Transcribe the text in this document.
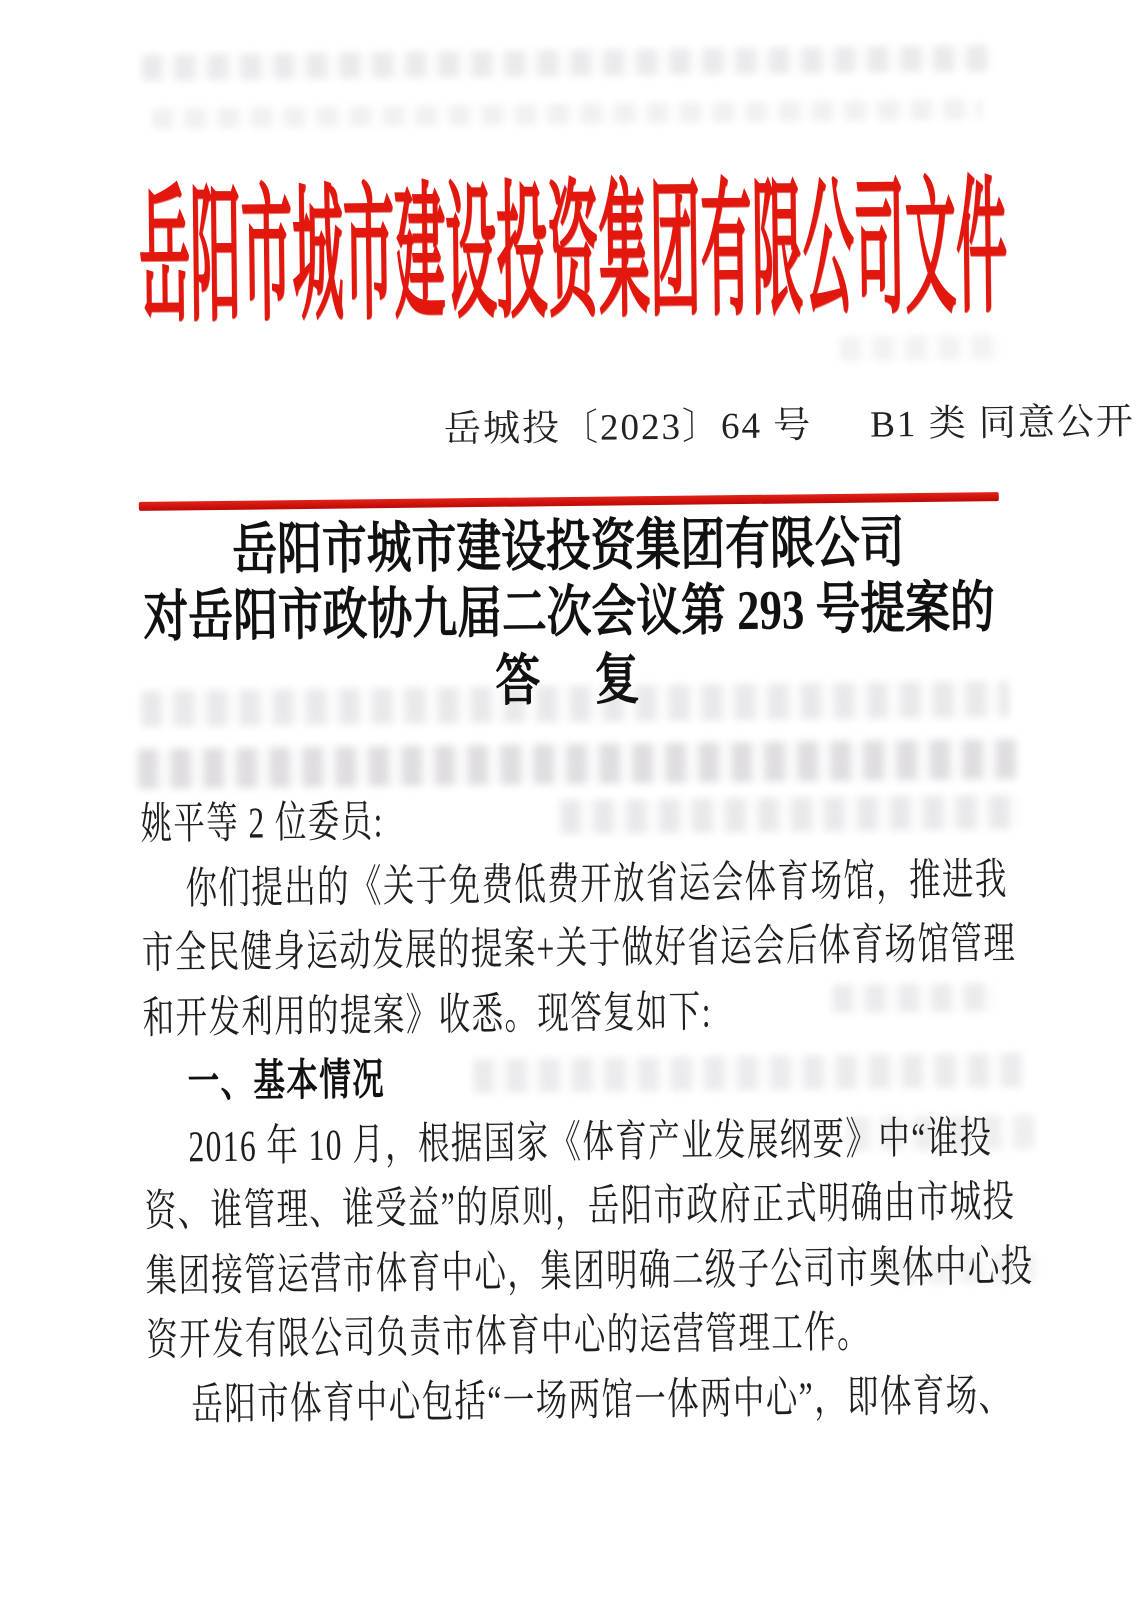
岳阳市城市建设投资集团有限公司文件
岳城投〔2023〕64 号 B1 类 同意公开
岳阳市城市建设投资集团有限公司
对岳阳市政协九届二次会议第 293 号提案的
答　复
姚平等 2 位委员:
你们提出的《关于免费低费开放省运会体育场馆，推进我
市全民健身运动发展的提案+关于做好省运会后体育场馆管理
和开发利用的提案》收悉。现答复如下:
一、基本情况
2016 年 10 月，根据国家《体育产业发展纲要》中“谁投
资、谁管理、谁受益”的原则，岳阳市政府正式明确由市城投
集团接管运营市体育中心，集团明确二级子公司市奥体中心投
资开发有限公司负责市体育中心的运营管理工作。
岳阳市体育中心包括“一场两馆一体两中心”，即体育场、
